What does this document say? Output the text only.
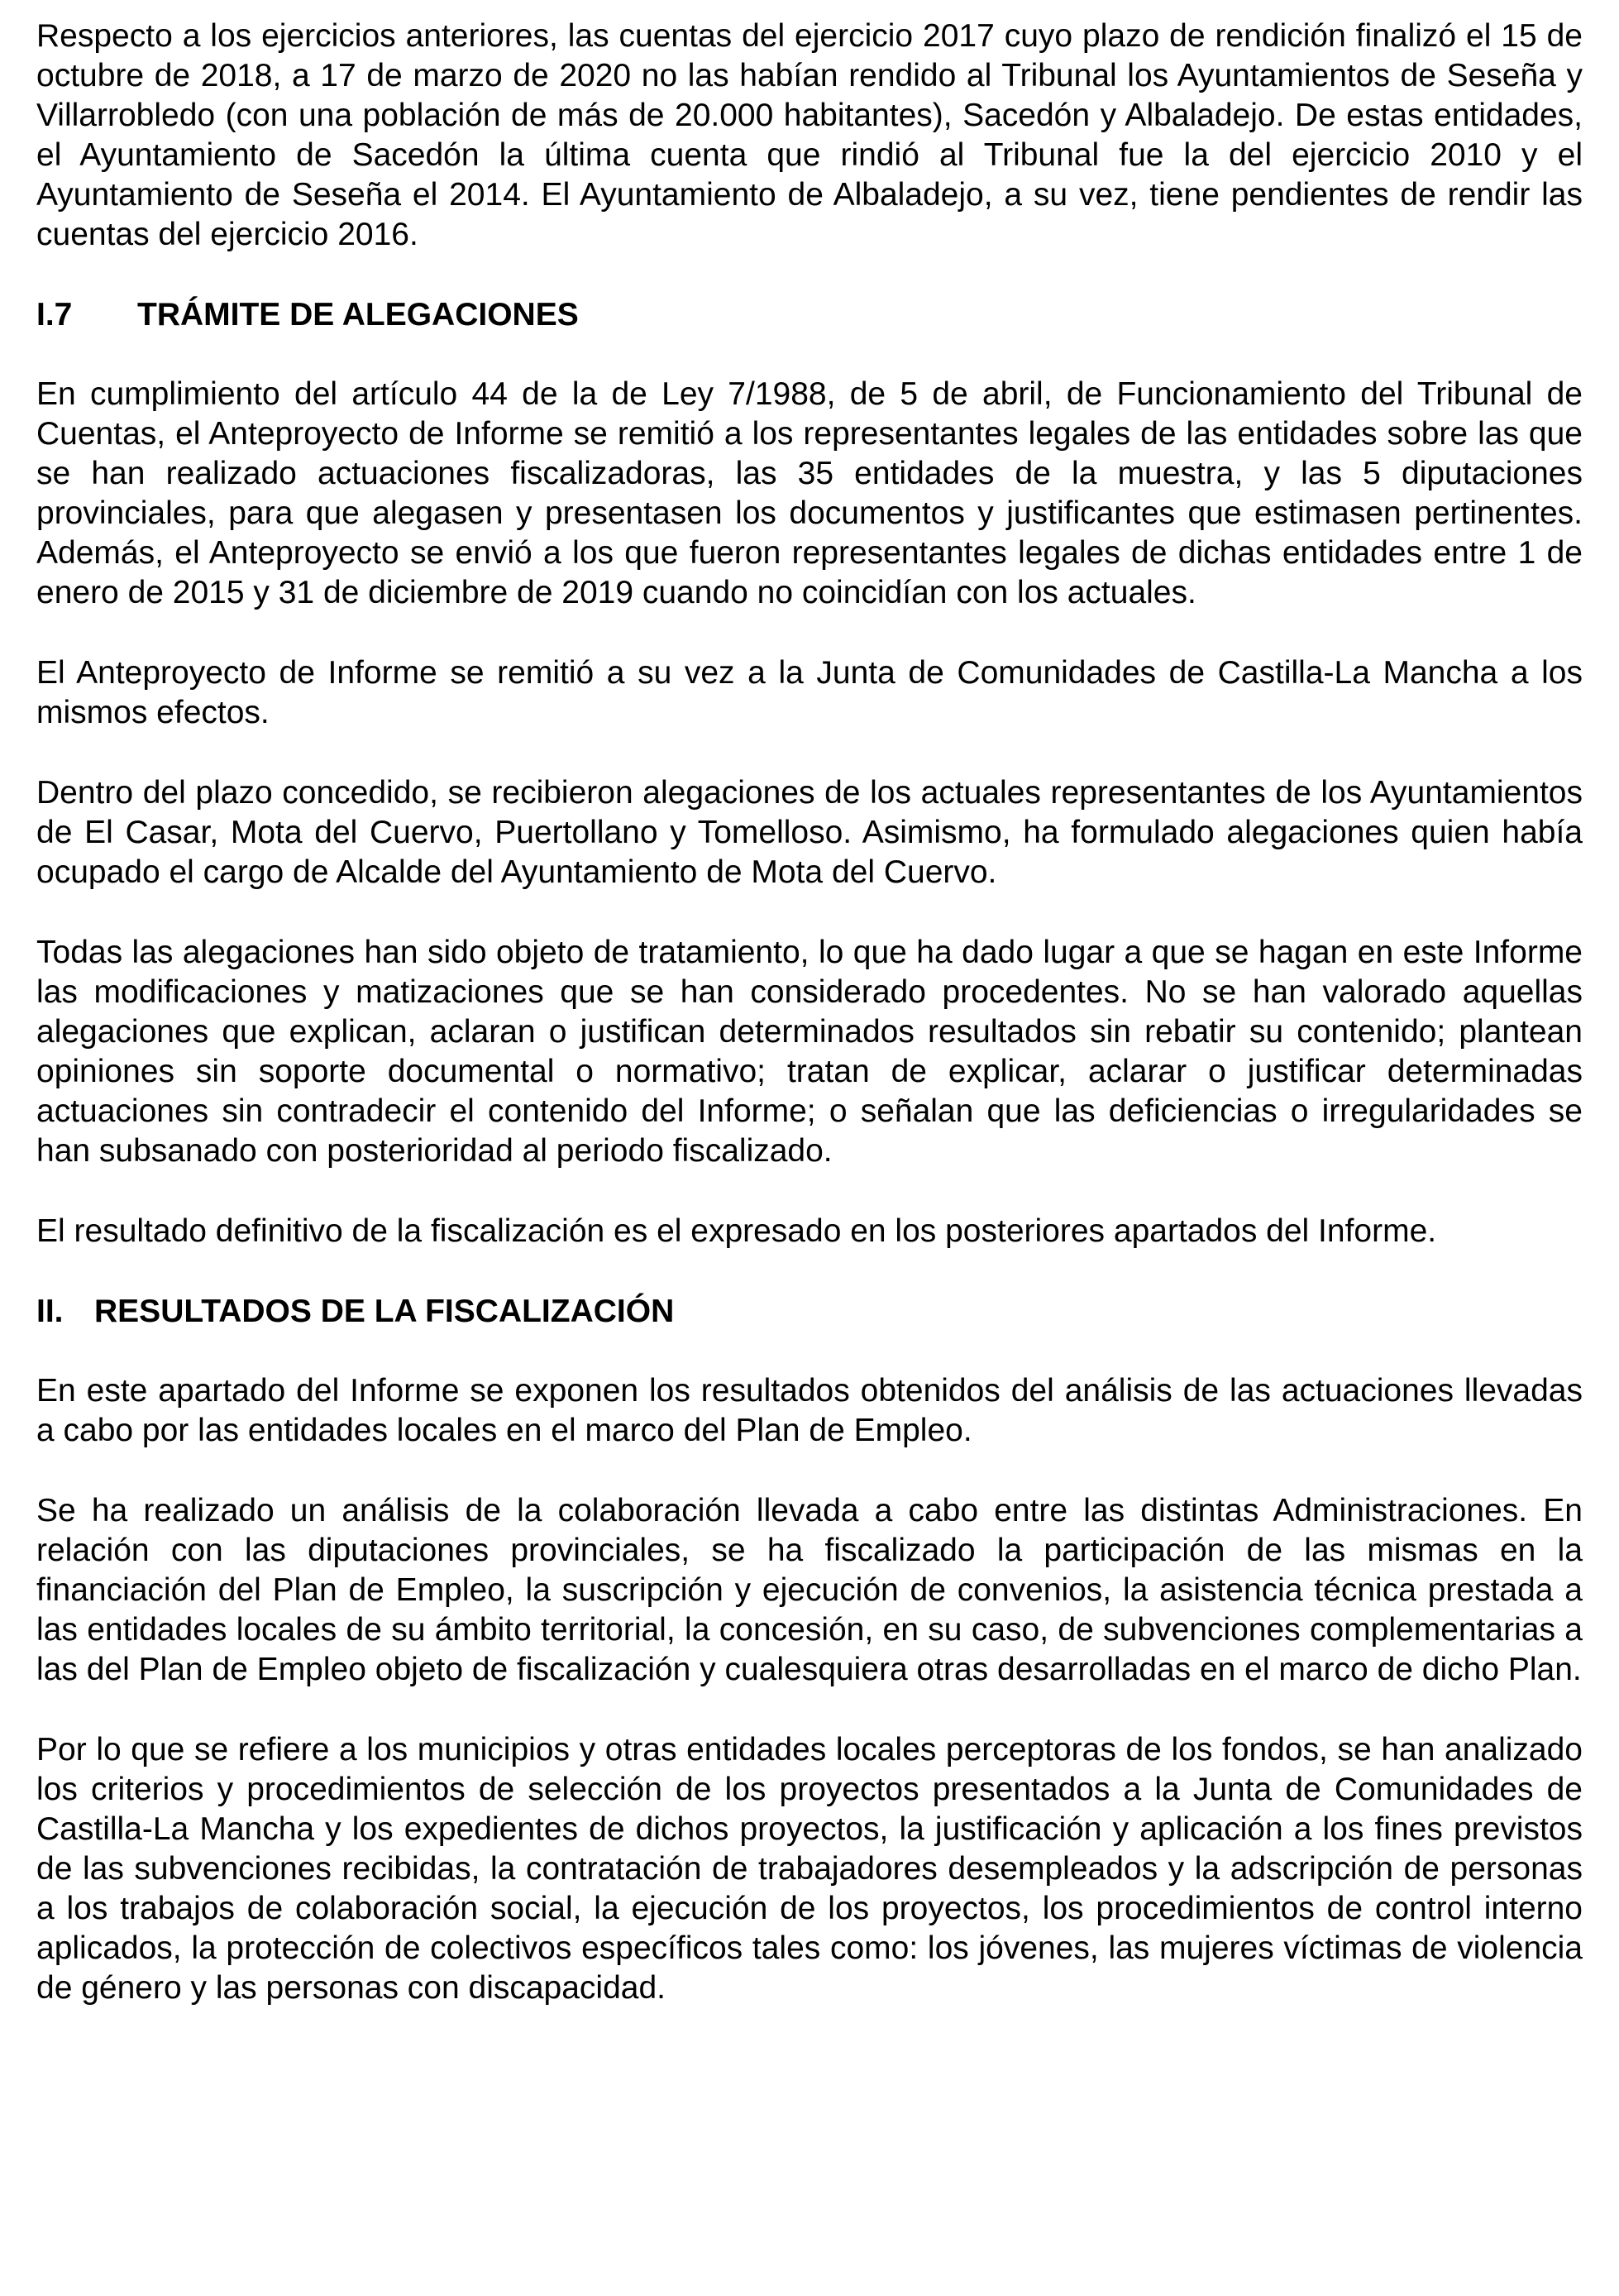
Respecto a los ejercicios anteriores, las cuentas del ejercicio 2017 cuyo plazo de rendición finalizó el 15 de octubre de 2018, a 17 de marzo de 2020 no las habían rendido al Tribunal los Ayuntamientos de Seseña y Villarrobledo (con una población de más de 20.000 habitantes), Sacedón y Albaladejo. De estas entidades, el Ayuntamiento de Sacedón la última cuenta que rindió al Tribunal fue la del ejercicio 2010 y el Ayuntamiento de Seseña el 2014. El Ayuntamiento de Albaladejo, a su vez, tiene pendientes de rendir las cuentas del ejercicio 2016.

I.7 TRÁMITE DE ALEGACIONES

En cumplimiento del artículo 44 de la de Ley 7/1988, de 5 de abril, de Funcionamiento del Tribunal de Cuentas, el Anteproyecto de Informe se remitió a los representantes legales de las entidades sobre las que se han realizado actuaciones fiscalizadoras, las 35 entidades de la muestra, y las 5 diputaciones provinciales, para que alegasen y presentasen los documentos y justificantes que estimasen pertinentes. Además, el Anteproyecto se envió a los que fueron representantes legales de dichas entidades entre 1 de enero de 2015 y 31 de diciembre de 2019 cuando no coincidían con los actuales.

El Anteproyecto de Informe se remitió a su vez a la Junta de Comunidades de Castilla-La Mancha a los mismos efectos.

Dentro del plazo concedido, se recibieron alegaciones de los actuales representantes de los Ayuntamientos de El Casar, Mota del Cuervo, Puertollano y Tomelloso. Asimismo, ha formulado alegaciones quien había ocupado el cargo de Alcalde del Ayuntamiento de Mota del Cuervo.

Todas las alegaciones han sido objeto de tratamiento, lo que ha dado lugar a que se hagan en este Informe las modificaciones y matizaciones que se han considerado procedentes. No se han valorado aquellas alegaciones que explican, aclaran o justifican determinados resultados sin rebatir su contenido; plantean opiniones sin soporte documental o normativo; tratan de explicar, aclarar o justificar determinadas actuaciones sin contradecir el contenido del Informe; o señalan que las deficiencias o irregularidades se han subsanado con posterioridad al periodo fiscalizado.

El resultado definitivo de la fiscalización es el expresado en los posteriores apartados del Informe.

II. RESULTADOS DE LA FISCALIZACIÓN

En este apartado del Informe se exponen los resultados obtenidos del análisis de las actuaciones llevadas a cabo por las entidades locales en el marco del Plan de Empleo.

Se ha realizado un análisis de la colaboración llevada a cabo entre las distintas Administraciones. En relación con las diputaciones provinciales, se ha fiscalizado la participación de las mismas en la financiación del Plan de Empleo, la suscripción y ejecución de convenios, la asistencia técnica prestada a las entidades locales de su ámbito territorial, la concesión, en su caso, de subvenciones complementarias a las del Plan de Empleo objeto de fiscalización y cualesquiera otras desarrolladas en el marco de dicho Plan.

Por lo que se refiere a los municipios y otras entidades locales perceptoras de los fondos, se han analizado los criterios y procedimientos de selección de los proyectos presentados a la Junta de Comunidades de Castilla-La Mancha y los expedientes de dichos proyectos, la justificación y aplicación a los fines previstos de las subvenciones recibidas, la contratación de trabajadores desempleados y la adscripción de personas a los trabajos de colaboración social, la ejecución de los proyectos, los procedimientos de control interno aplicados, la protección de colectivos específicos tales como: los jóvenes, las mujeres víctimas de violencia de género y las personas con discapacidad.
